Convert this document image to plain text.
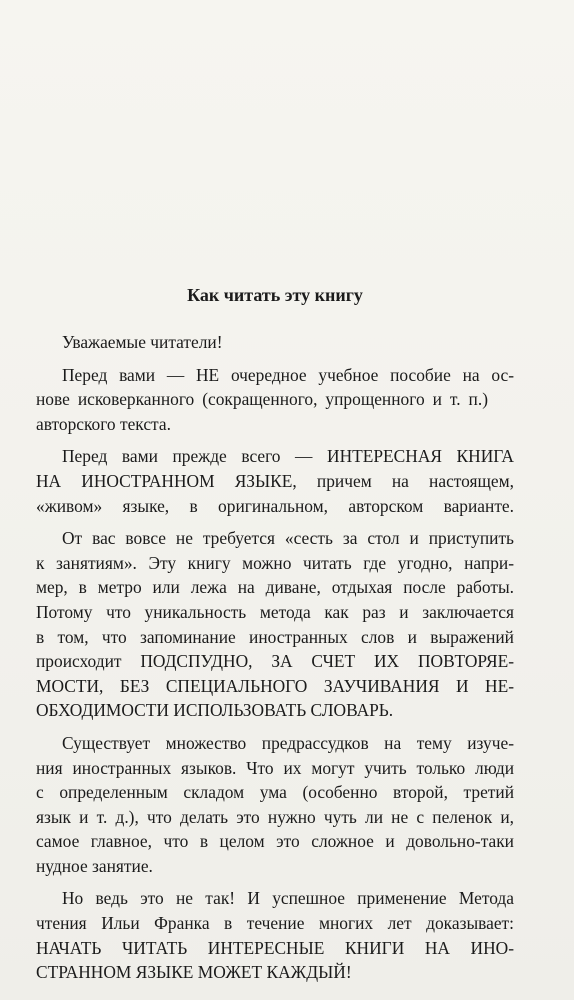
Как читать эту книгу
Уважаемые читатели!
Перед вами — НЕ очередное учебное пособие на ос-
нове исковерканного (сокращенного, упрощенного и т. п.)
авторского текста.
Перед вами прежде всего — ИНТЕРЕСНАЯ КНИГА
НА ИНОСТРАННОМ ЯЗЫКЕ, причем на настоящем,
«живом» языке, в оригинальном, авторском варианте.
От вас вовсе не требуется «сесть за стол и приступить
к занятиям». Эту книгу можно читать где угодно, напри-
мер, в метро или лежа на диване, отдыхая после работы.
Потому что уникальность метода как раз и заключается
в том, что запоминание иностранных слов и выражений
происходит ПОДСПУДНО, ЗА СЧЕТ ИХ ПОВТОРЯЕ-
МОСТИ, БЕЗ СПЕЦИАЛЬНОГО ЗАУЧИВАНИЯ И НЕ-
ОБХОДИМОСТИ ИСПОЛЬЗОВАТЬ СЛОВАРЬ.
Существует множество предрассудков на тему изуче-
ния иностранных языков. Что их могут учить только люди
с определенным складом ума (особенно второй, третий
язык и т. д.), что делать это нужно чуть ли не с пеленок и,
самое главное, что в целом это сложное и довольно-таки
нудное занятие.
Но ведь это не так! И успешное применение Метода
чтения Ильи Франка в течение многих лет доказывает:
НАЧАТЬ ЧИТАТЬ ИНТЕРЕСНЫЕ КНИГИ НА ИНО-
СТРАННОМ ЯЗЫКЕ МОЖЕТ КАЖДЫЙ!
